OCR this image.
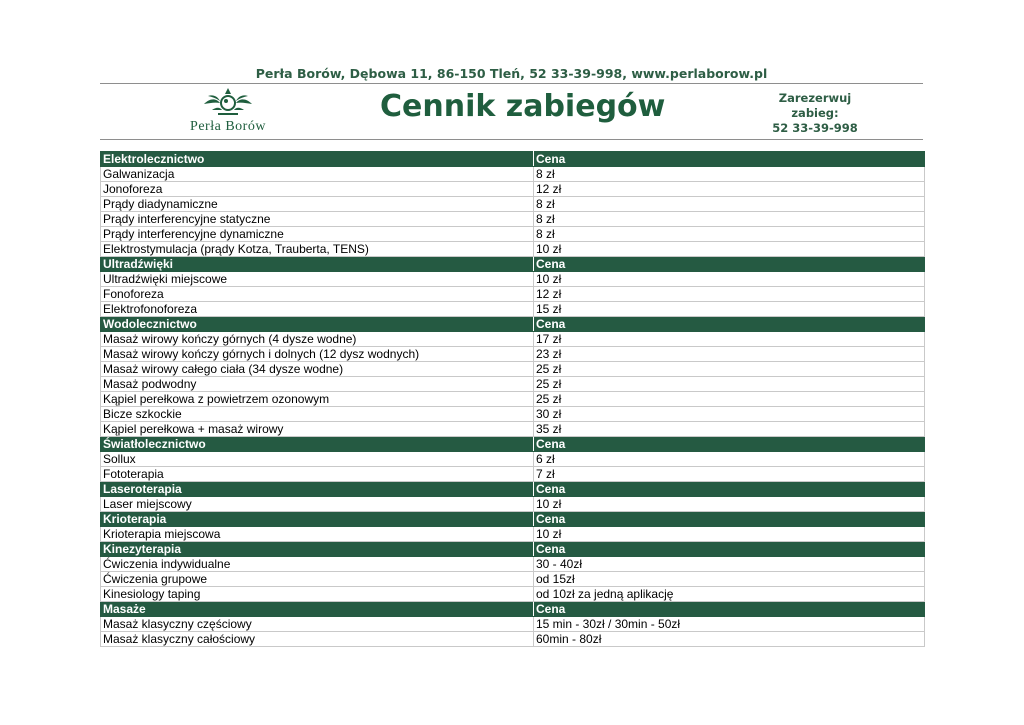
Perła Borów, Dębowa 11, 86-150 Tleń, 52 33-39-998, www.perlaborow.pl
Perła Borów
Cennik zabiegów	Zarezerwuj
zabieg:
52 33-39-998
Elektrolecznictwo	Cena
Galwanizacja	8 zł
Jonoforeza	12 zł
Prądy diadynamiczne	8 zł
Prądy interferencyjne statyczne	8 zł
Prądy interferencyjne dynamiczne	8 zł
Elektrostymulacja (prądy Kotza, Trauberta, TENS)	10 zł
Ultradźwięki	Cena
Ultradźwięki miejscowe	10 zł
Fonoforeza	12 zł
Elektrofonoforeza	15 zł
Wodolecznictwo	Cena
Masaż wirowy kończy górnych (4 dysze wodne)	17 zł
Masaż wirowy kończy górnych i dolnych (12 dysz wodnych)	23 zł
Masaż wirowy całego ciała (34 dysze wodne)	25 zł
Masaż podwodny	25 zł
Kąpiel perełkowa z powietrzem ozonowym	25 zł
Bicze szkockie	30 zł
Kąpiel perełkowa + masaż wirowy	35 zł
Światłolecznictwo	Cena
Sollux	6 zł
Fototerapia	7 zł
Laseroterapia	Cena
Laser miejscowy	10 zł
Krioterapia	Cena
Krioterapia miejscowa	10 zł
Kinezyterapia	Cena
Ćwiczenia indywidualne	30 - 40zł
Ćwiczenia grupowe	od 15zł
Kinesiology taping	od 10zł za jedną aplikację
Masaże	Cena
Masaż klasyczny częściowy	15 min - 30zł / 30min - 50zł
Masaż klasyczny całościowy	60min - 80zł
